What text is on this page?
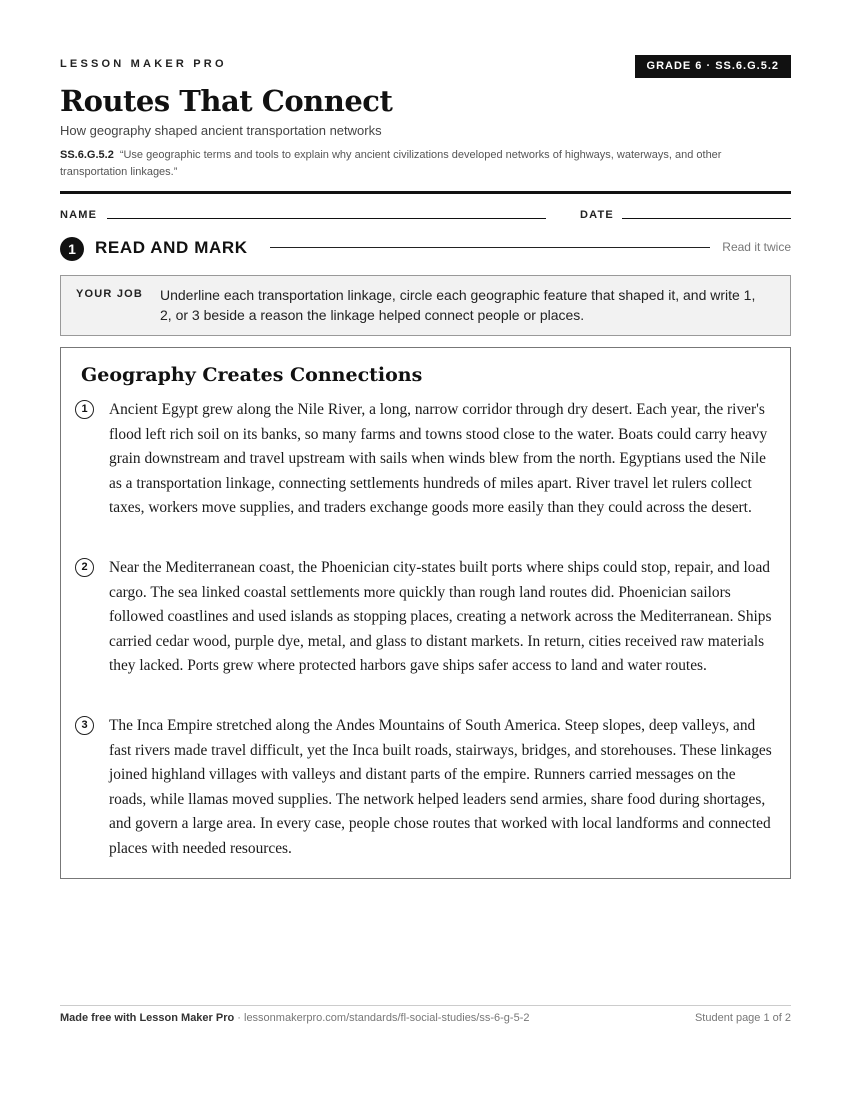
LESSON MAKER PRO	GRADE 6 · SS.6.G.5.2
Routes That Connect
How geography shaped ancient transportation networks
SS.6.G.5.2 “Use geographic terms and tools to explain why ancient civilizations developed networks of highways, waterways, and other transportation linkages.”
NAME	DATE
1	READ AND MARK	Read it twice
YOUR JOB Underline each transportation linkage, circle each geographic feature that shaped it, and write 1, 2, or 3 beside a reason the linkage helped connect people or places.
Geography Creates Connections
1	Ancient Egypt grew along the Nile River, a long, narrow corridor through dry desert. Each year, the river's flood left rich soil on its banks, so many farms and towns stood close to the water. Boats could carry heavy grain downstream and travel upstream with sails when winds blew from the north. Egyptians used the Nile as a transportation linkage, connecting settlements hundreds of miles apart. River travel let rulers collect taxes, workers move supplies, and traders exchange goods more easily than they could across the desert.
2	Near the Mediterranean coast, the Phoenician city-states built ports where ships could stop, repair, and load cargo. The sea linked coastal settlements more quickly than rough land routes did. Phoenician sailors followed coastlines and used islands as stopping places, creating a network across the Mediterranean. Ships carried cedar wood, purple dye, metal, and glass to distant markets. In return, cities received raw materials they lacked. Ports grew where protected harbors gave ships safer access to land and water routes.
3	The Inca Empire stretched along the Andes Mountains of South America. Steep slopes, deep valleys, and fast rivers made travel difficult, yet the Inca built roads, stairways, bridges, and storehouses. These linkages joined highland villages with valleys and distant parts of the empire. Runners carried messages on the roads, while llamas moved supplies. The network helped leaders send armies, share food during shortages, and govern a large area. In every case, people chose routes that worked with local landforms and connected places with needed resources.
Made free with Lesson Maker Pro · lessonmakerpro.com/standards/fl-social-studies/ss-6-g-5-2	Student page 1 of 2
